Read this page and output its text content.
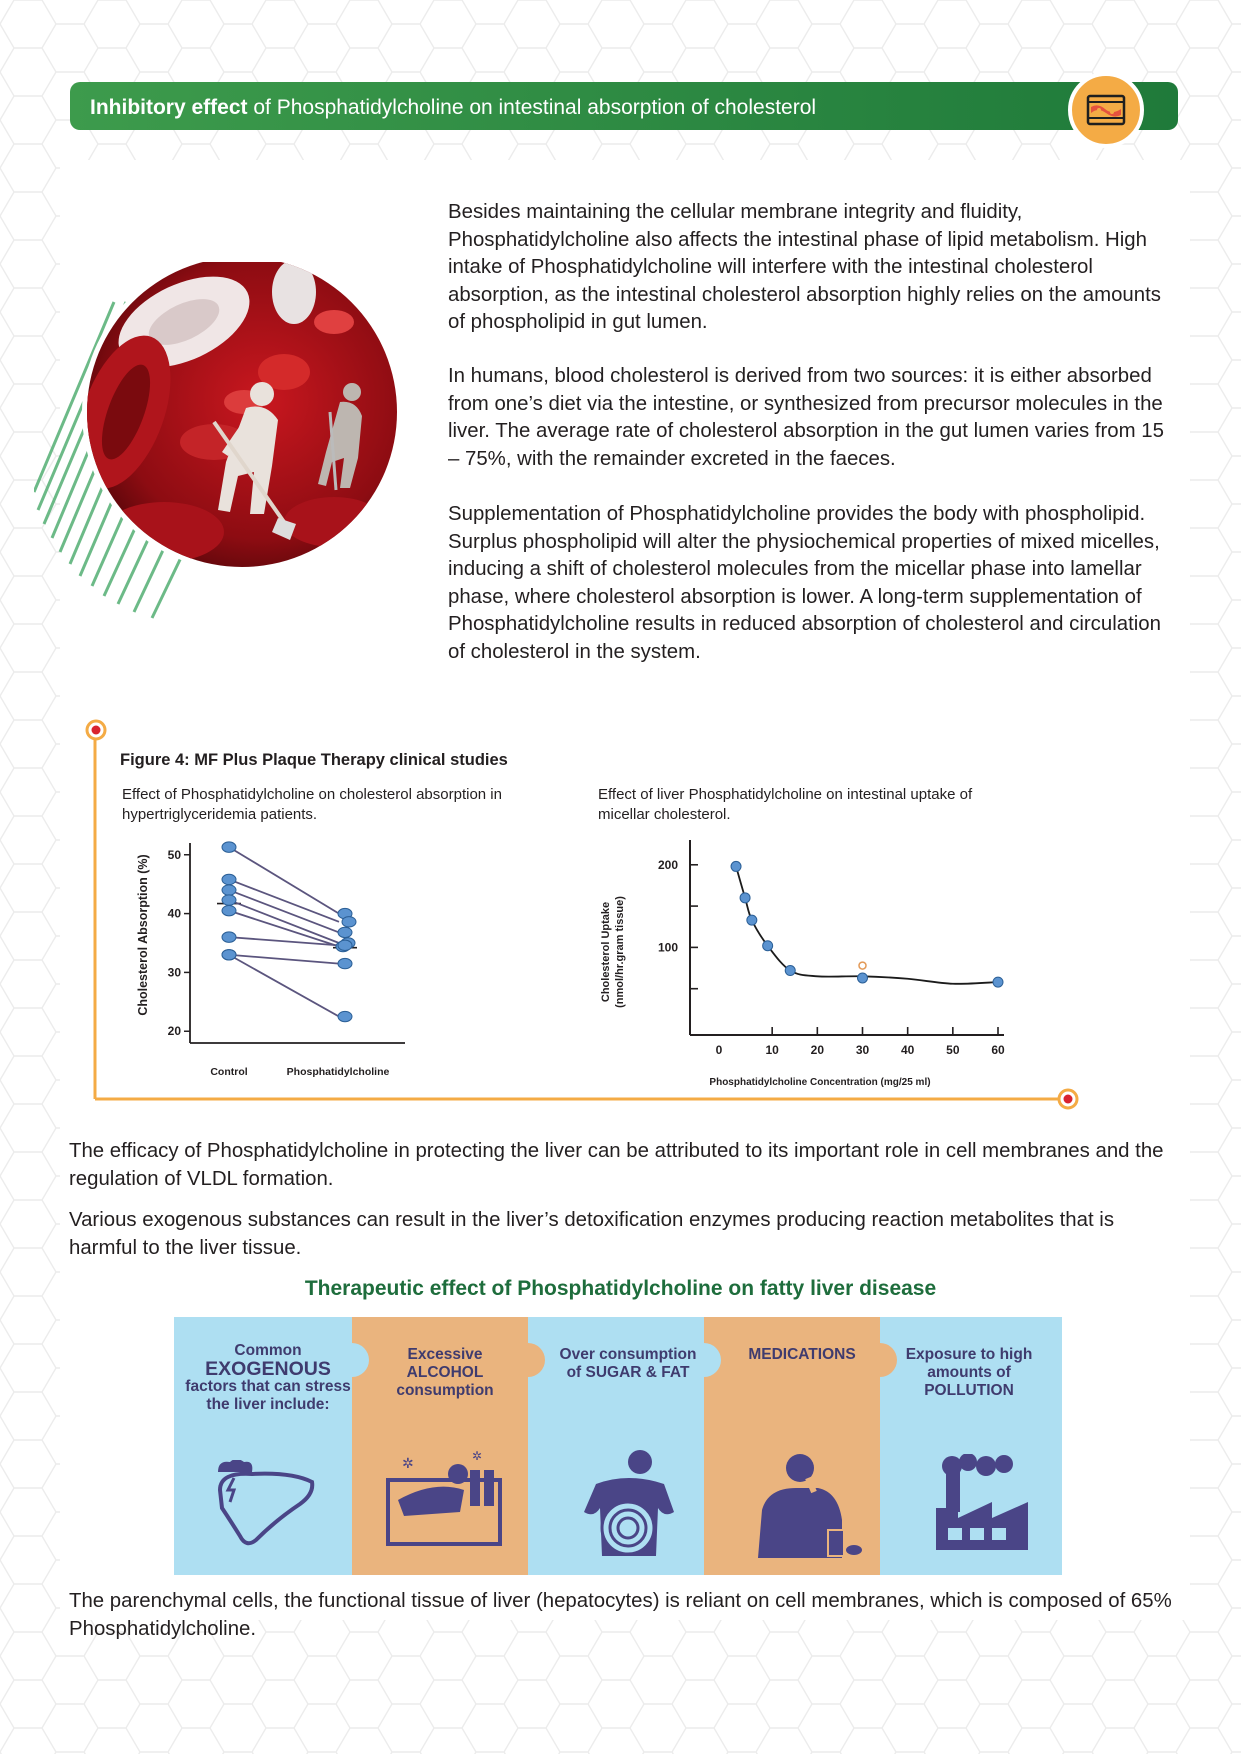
Inhibitory effect of Phosphatidylcholine on intestinal absorption of cholesterol
Besides maintaining the cellular membrane integrity and fluidity, Phosphatidylcholine also affects the intestinal phase of lipid metabolism. High intake of Phosphatidylcholine will interfere with the intestinal cholesterol absorption, as the intestinal cholesterol absorption highly relies on the amounts of phospholipid in gut lumen.
In humans, blood cholesterol is derived from two sources: it is either absorbed from one’s diet via the intestine, or synthesized from precursor molecules in the liver. The average rate of cholesterol absorption in the gut lumen varies from 15 – 75%, with the remainder excreted in the faeces.
Supplementation of Phosphatidylcholine provides the body with phospholipid. Surplus phospholipid will alter the physiochemical properties of mixed micelles, inducing a shift of cholesterol molecules from the micellar phase into lamellar phase, where cholesterol absorption is lower. A long-term supplementation of Phosphatidylcholine results in reduced absorption of cholesterol and circulation of cholesterol in the system.
Figure 4: MF Plus Plaque Therapy clinical studies
Effect of Phosphatidylcholine on cholesterol absorption in
hypertriglyceridemia patients.
Effect of liver Phosphatidylcholine on intestinal uptake of
micellar cholesterol.
Cholesterol Absorption (%)
20
30
40
50
Control	Phosphatidylcholine
Cholesterol Uptake (nmol/hr.gram tissue)	100
200
0	10	20	30	40	50	60
Phosphatidylcholine Concentration (mg/25 ml)
The efficacy of Phosphatidylcholine in protecting the liver can be attributed to its important role in cell membranes and the regulation of VLDL formation.
Various exogenous substances can result in the liver’s detoxification enzymes producing reaction metabolites that is harmful to the liver tissue.
Therapeutic effect of Phosphatidylcholine on fatty liver disease
Common
EXOGENOUS
factors that can stress the liver include:
Excessive ALCOHOL consumption
Over consumption of SUGAR & FAT
MEDICATIONS	Exposure to high amounts of POLLUTION
✲	✲
The parenchymal cells, the functional tissue of liver (hepatocytes) is reliant on cell membranes, which is composed of 65% Phosphatidylcholine.
